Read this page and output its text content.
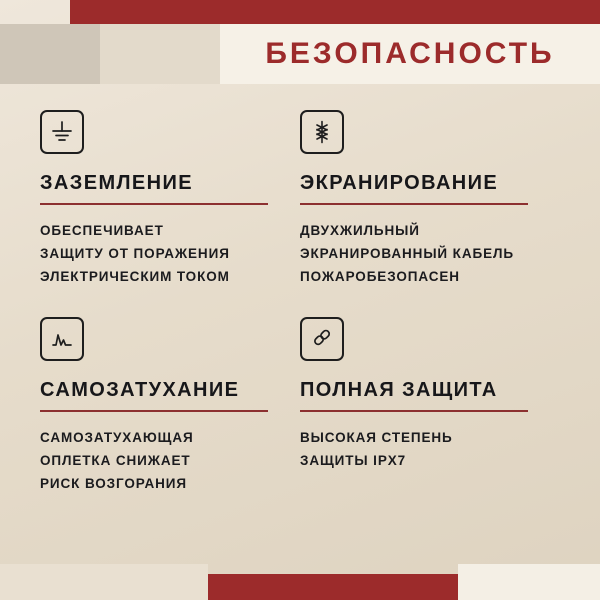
БЕЗОПАСНОСТЬ
ЗАЗЕМЛЕНИЕ

ОБЕСПЕЧИВАЕТ
ЗАЩИТУ ОТ ПОРАЖЕНИЯ
ЭЛЕКТРИЧЕСКИМ ТОКОМ

ЭКРАНИРОВАНИЕ

ДВУХЖИЛЬНЫЙ
ЭКРАНИРОВАННЫЙ КАБЕЛЬ
ПОЖАРОБЕЗОПАСЕН

САМОЗАТУХАНИЕ

САМОЗАТУХАЮЩАЯ
ОПЛЕТКА СНИЖАЕТ
РИСК ВОЗГОРАНИЯ

ПОЛНАЯ ЗАЩИТА

ВЫСОКАЯ СТЕПЕНЬ
ЗАЩИТЫ IPX7
